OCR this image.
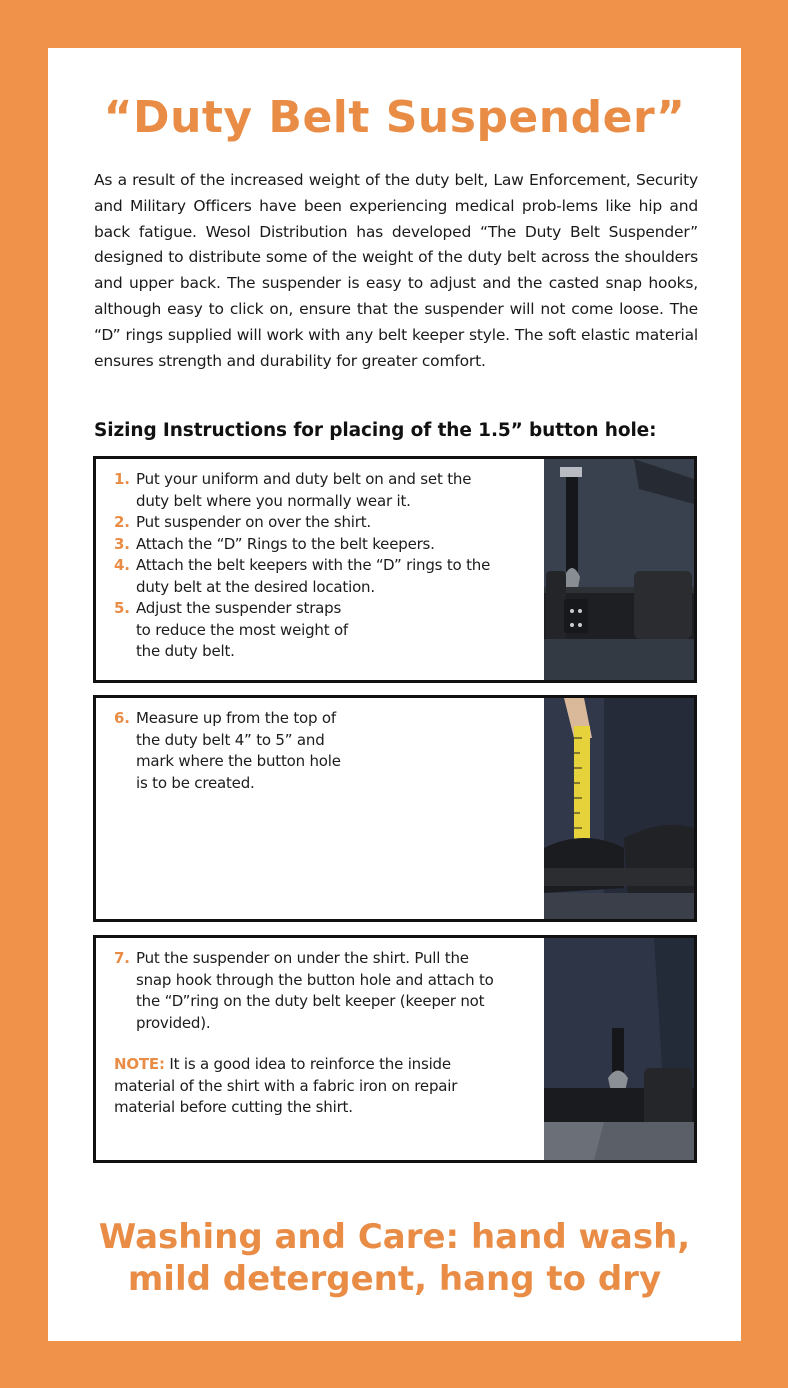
“Duty Belt Suspender”

As a result of the increased weight of the duty belt, Law Enforcement, Security and Military Officers have been experiencing medical prob-lems like hip and back fatigue. Wesol Distribution has developed “The Duty Belt Suspender” designed to distribute some of the weight of the duty belt across the shoulders and upper back. The suspender is easy to adjust and the casted snap hooks, although easy to click on, ensure that the suspender will not come loose. The “D” rings supplied will work with any belt keeper style. The soft elastic material ensures strength and durability for greater comfort.

Sizing Instructions for placing of the 1.5” button hole:
1. Put your uniform and duty belt on and set the duty belt where you normally wear it.
2. Put suspender on over the shirt.
3. Attach the “D” Rings to the belt keepers.
4. Attach the belt keepers with the “D” rings to the duty belt at the desired location.
5. Adjust the suspender straps to reduce the most weight of the duty belt.
6. Measure up from the top of the duty belt 4” to 5” and mark where the button hole is to be created.
7. Put the suspender on under the shirt. Pull the snap hook through the button hole and attach to the “D”ring on the duty belt keeper (keeper not provided).
NOTE: It is a good idea to reinforce the inside material of the shirt with a fabric iron on repair material before cutting the shirt.
Washing and Care: hand wash,
mild detergent, hang to dry
